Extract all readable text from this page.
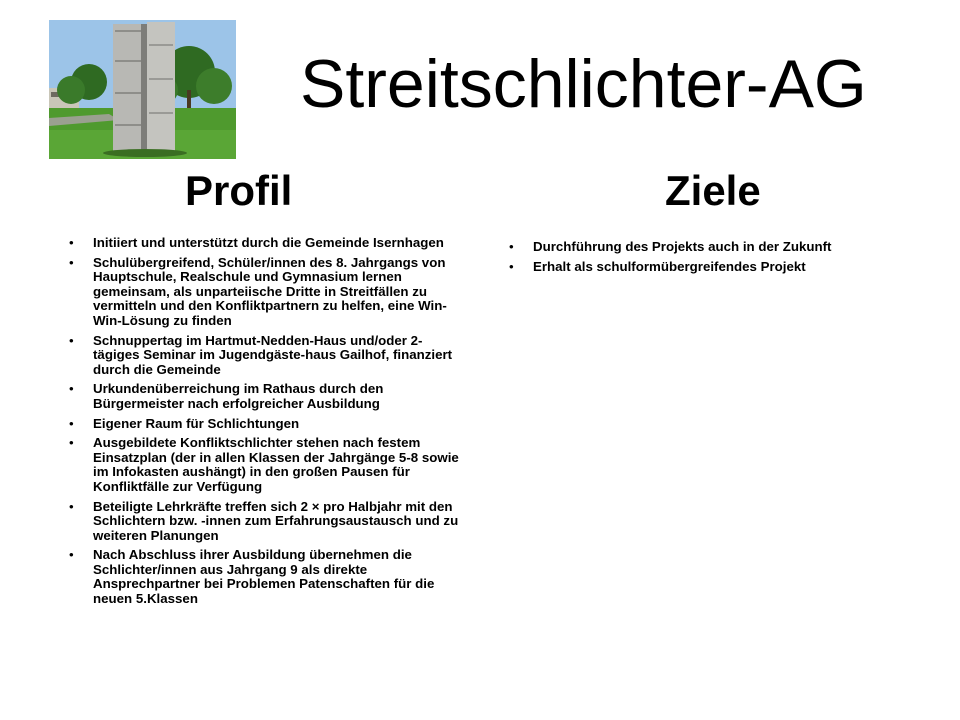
Streitschlichter-AG
Profil	Ziele
• Initiiert und unterstützt durch die Gemeinde Isernhagen
• Schulübergreifend, Schüler/innen des 8. Jahrgangs von Hauptschule, Realschule und Gymnasium lernen gemeinsam, als unparteiische Dritte in Streitfällen zu vermitteln und den Konfliktpartnern zu helfen, eine Win-Win-Lösung zu finden
• Schnuppertag im Hartmut-Nedden-Haus und/oder 2-tägiges Seminar im Jugendgäste-haus Gailhof, finanziert durch die Gemeinde
• Urkundenüberreichung im Rathaus durch den Bürgermeister nach erfolgreicher Ausbildung
• Eigener Raum für Schlichtungen
• Ausgebildete Konfliktschlichter stehen nach festem Einsatzplan (der in allen Klassen der Jahrgänge 5-8 sowie im Infokasten aushängt) in den großen Pausen für Konfliktfälle zur Verfügung
• Beteiligte Lehrkräfte treffen sich 2 × pro Halbjahr mit den Schlichtern bzw. -innen zum Erfahrungsaustausch und zu weiteren Planungen
• Nach Abschluss ihrer Ausbildung übernehmen die Schlichter/innen aus Jahrgang 9 als direkte Ansprechpartner bei Problemen Patenschaften für die neuen 5.Klassen
• Durchführung des Projekts auch in der Zukunft
• Erhalt als schulformübergreifendes Projekt
